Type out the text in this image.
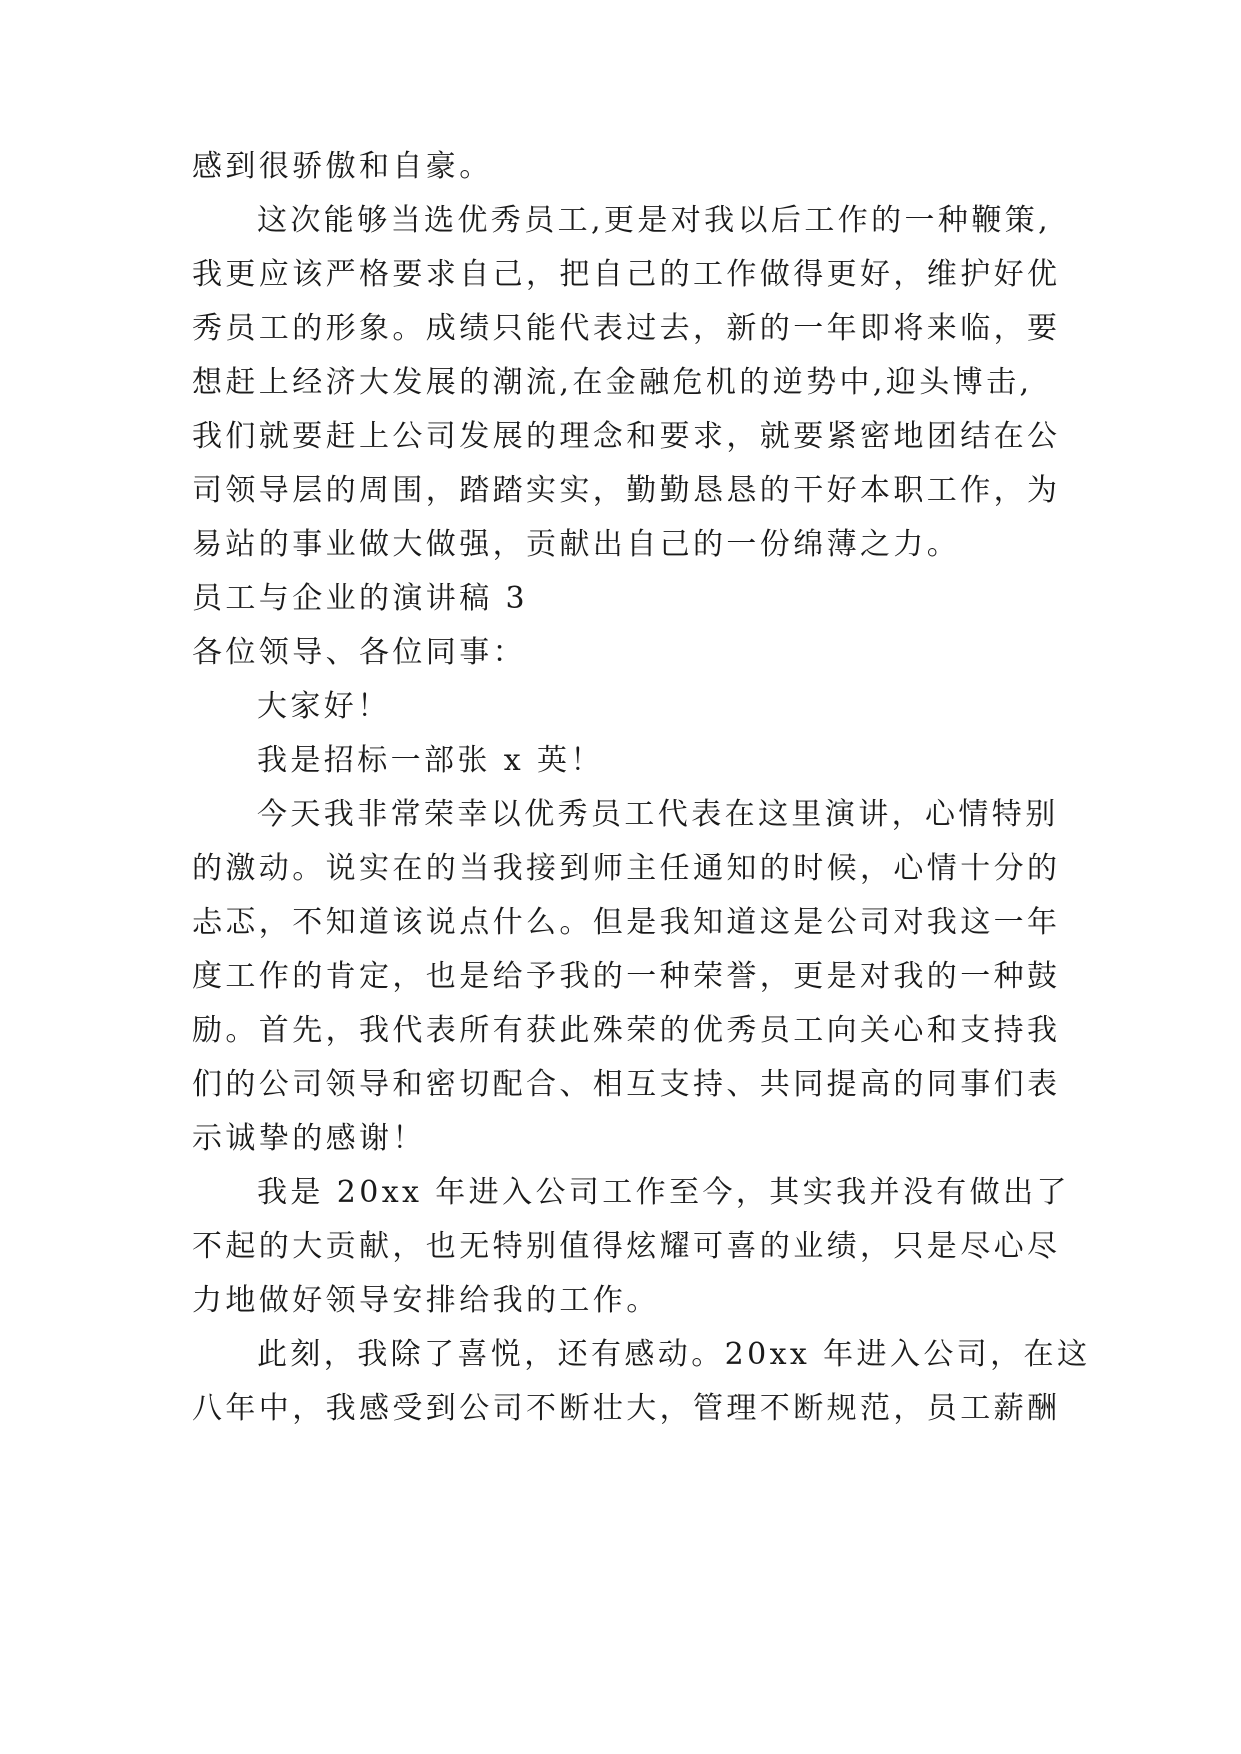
感到很骄傲和自豪。
这次能够当选优秀员工,更是对我以后工作的一种鞭策,
我更应该严格要求自己，把自己的工作做得更好，维护好优
秀员工的形象。成绩只能代表过去，新的一年即将来临，要
想赶上经济大发展的潮流,在金融危机的逆势中,迎头博击,
我们就要赶上公司发展的理念和要求，就要紧密地团结在公
司领导层的周围，踏踏实实，勤勤恳恳的干好本职工作，为
易站的事业做大做强，贡献出自己的一份绵薄之力。
员工与企业的演讲稿 3
各位领导、各位同事：
大家好！
我是招标一部张 x 英！
今天我非常荣幸以优秀员工代表在这里演讲，心情特别
的激动。说实在的当我接到师主任通知的时候，心情十分的
忐忑，不知道该说点什么。但是我知道这是公司对我这一年
度工作的肯定，也是给予我的一种荣誉，更是对我的一种鼓
励。首先，我代表所有获此殊荣的优秀员工向关心和支持我
们的公司领导和密切配合、相互支持、共同提高的同事们表
示诚挚的感谢！
我是 20xx 年进入公司工作至今，其实我并没有做出了
不起的大贡献，也无特别值得炫耀可喜的业绩，只是尽心尽
力地做好领导安排给我的工作。
此刻，我除了喜悦，还有感动。20xx 年进入公司，在这
八年中，我感受到公司不断壮大，管理不断规范，员工薪酬
